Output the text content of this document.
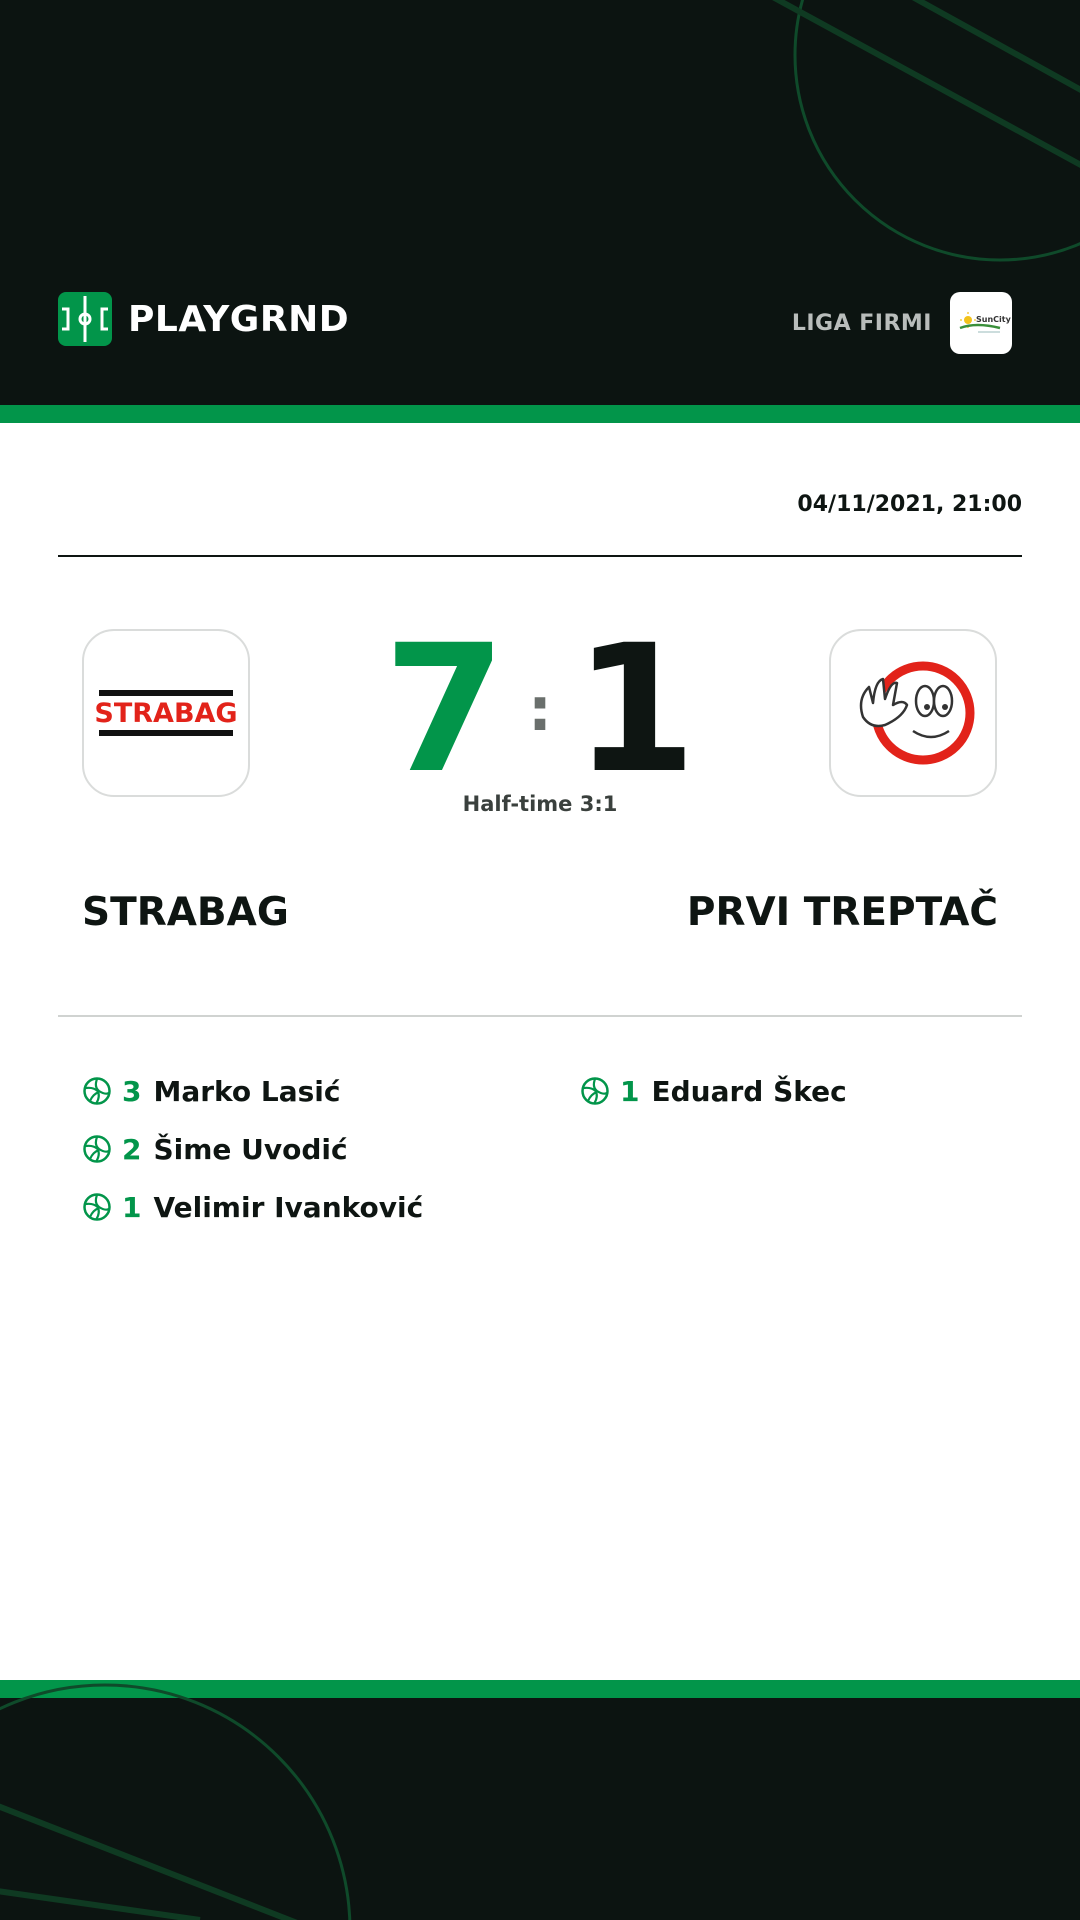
PLAYGRND	LIGA FIRMI	SunCity
04/11/2021, 21:00
STRABAG 7 : 1
Half-time 3:1
STRABAG	PRVI TREPTAČ
3 Marko Lasić
2 Šime Uvodić
1 Velimir Ivanković
1 Eduard Škec
